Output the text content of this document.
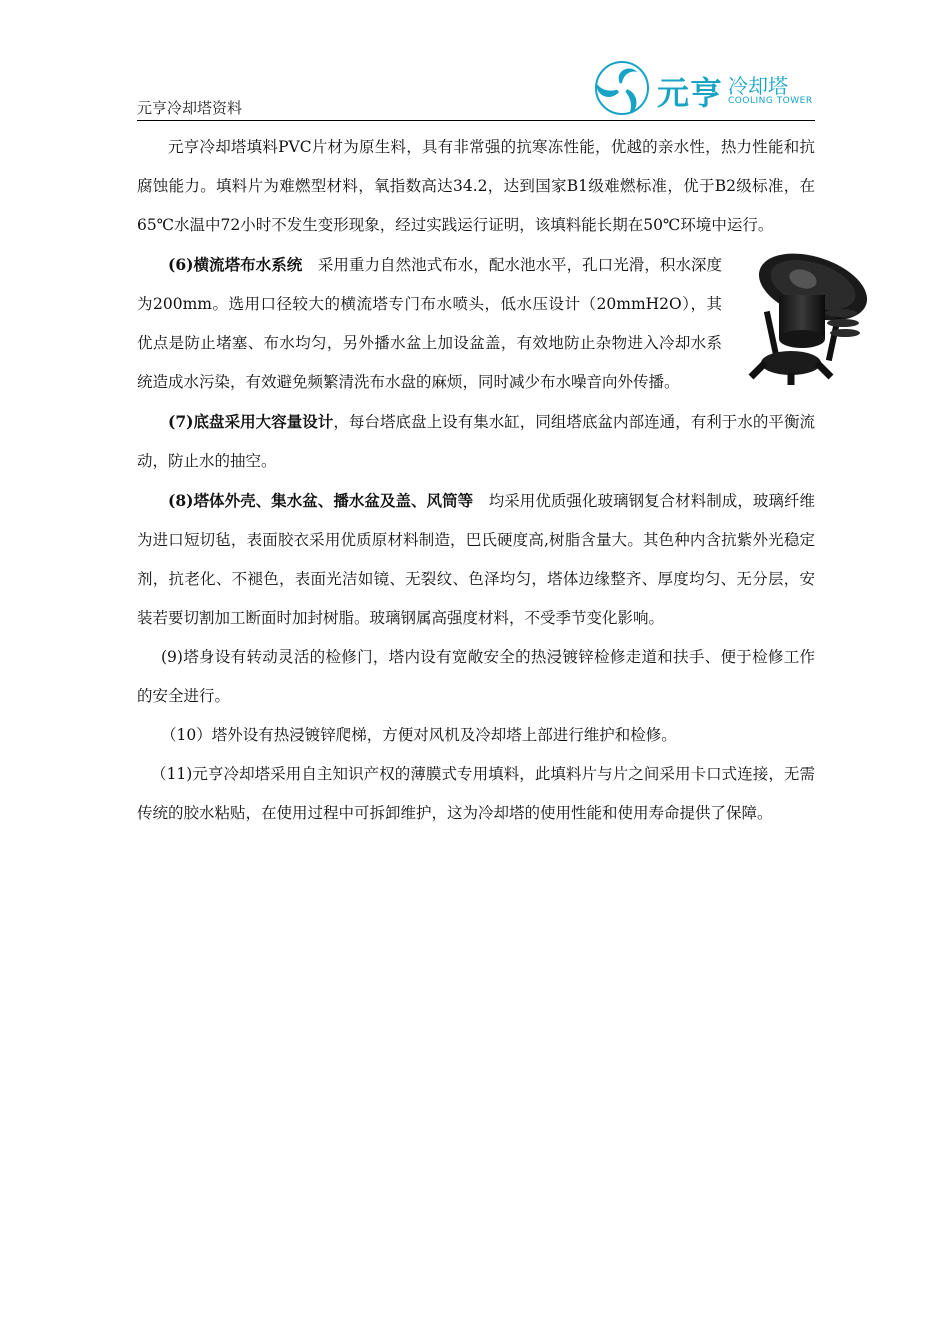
元亨冷却塔资料	元亨 冷却塔
COOLING TOWER

元亨冷却塔填料PVC片材为原生料，具有非常强的抗寒冻性能，优越的亲水性，热力性能和抗腐蚀能力。填料片为难燃型材料，氧指数高达34.2，达到国家B1级难燃标准，优于B2级标准，在65℃水温中72小时不发生变形现象，经过实践运行证明，该填料能长期在50℃环境中运行。

(6)横流塔布水系统　采用重力自然池式布水，配水池水平，孔口光滑，积水深度为200mm。选用口径较大的横流塔专门布水喷头，低水压设计（20mmH2O），其优点是防止堵塞、布水均匀，另外播水盆上加设盆盖，有效地防止杂物进入冷却水系统造成水污染，有效避免频繁清洗布水盘的麻烦，同时减少布水噪音向外传播。

(7)底盘采用大容量设计，每台塔底盘上设有集水缸，同组塔底盆内部连通，有利于水的平衡流动，防止水的抽空。

(8)塔体外壳、集水盆、播水盆及盖、风筒等　均采用优质强化玻璃钢复合材料制成，玻璃纤维为进口短切毡，表面胶衣采用优质原材料制造，巴氏硬度高,树脂含量大。其色种内含抗紫外光稳定剂，抗老化、不褪色，表面光洁如镜、无裂纹、色泽均匀，塔体边缘整齐、厚度均匀、无分层，安装若要切割加工断面时加封树脂。玻璃钢属高强度材料，不受季节变化影响。

(9)塔身设有转动灵活的检修门，塔内设有宽敞安全的热浸镀锌检修走道和扶手、便于检修工作的安全进行。

（10）塔外设有热浸镀锌爬梯，方便对风机及冷却塔上部进行维护和检修。

（11)元亨冷却塔采用自主知识产权的薄膜式专用填料，此填料片与片之间采用卡口式连接，无需传统的胶水粘贴，在使用过程中可拆卸维护，这为冷却塔的使用性能和使用寿命提供了保障。
